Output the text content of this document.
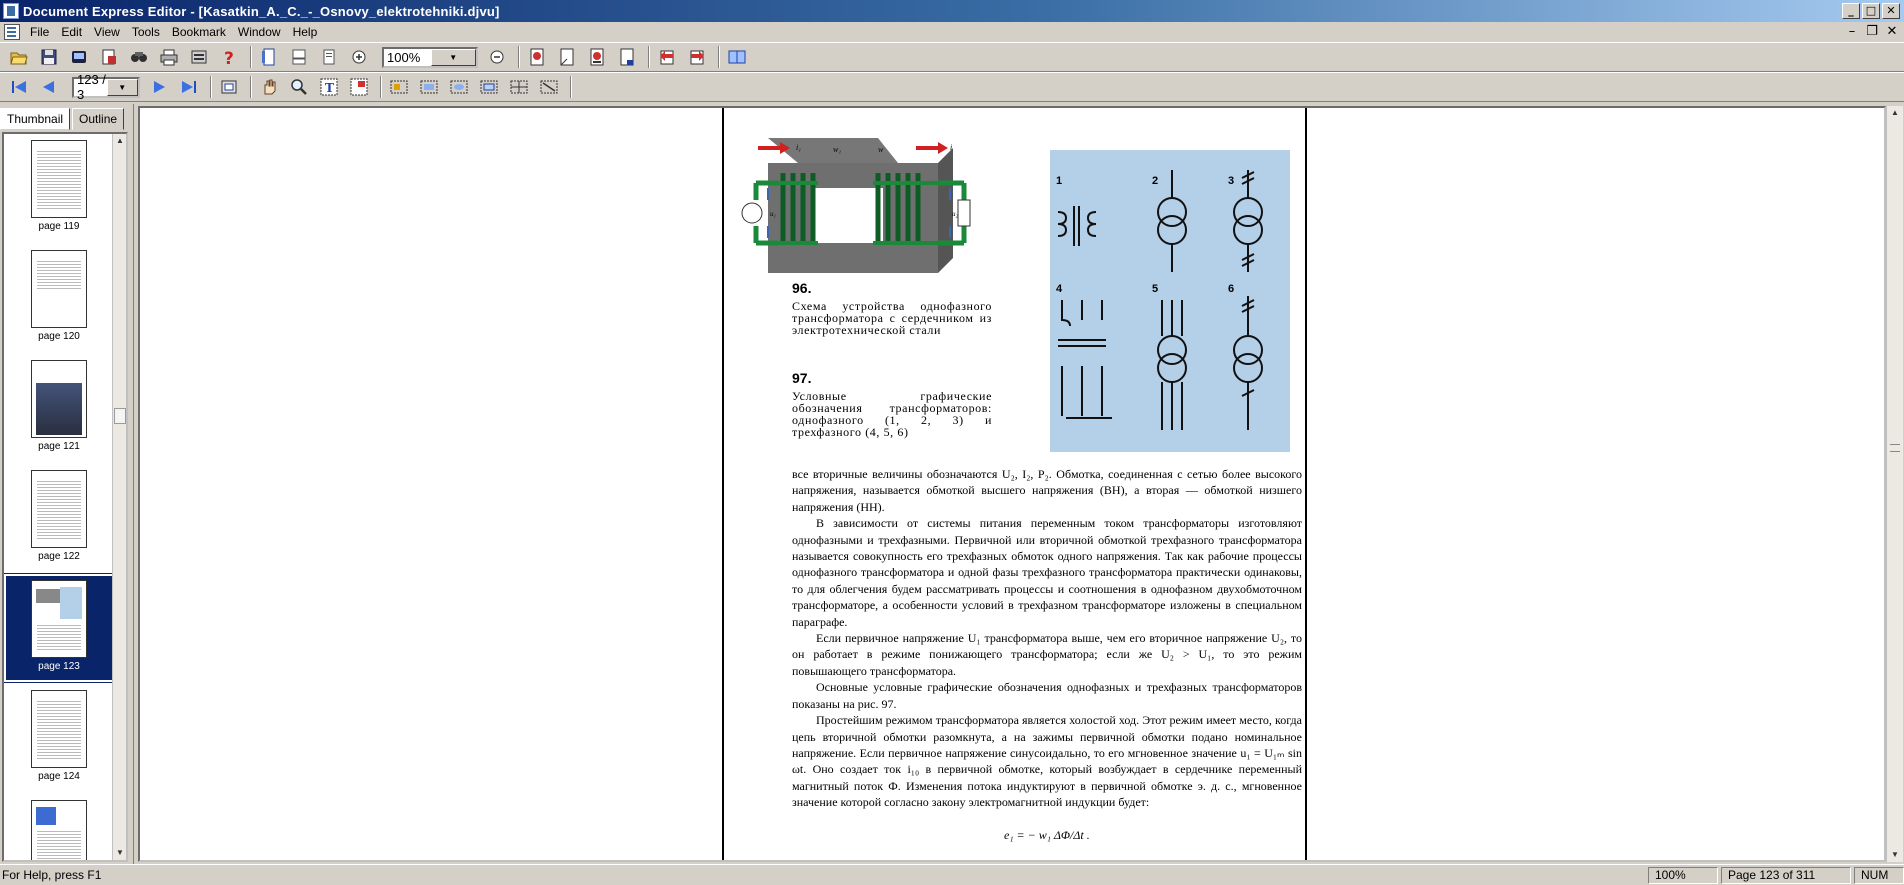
Document Express Editor - [Kasatkin_A._C._-_Osnovy_elektrotehniki.djvu]	_	□ ✕
File	Edit	View	Tools	Bookmark	Window	Help	– ❐ ✕
?	100%	▼
123 / 3	▼	T
Thumbnail	Outline
page 119
page 120
page 121
page 122
page 123
page 124
▲
▼
i₁	w₁	w	i
u₁	u₂
96.
Схема устройства однофазного трансформатора с сердечником из электротехнической стали
1	2	3
4	5	6
97.
Условные графические обозначения трансформаторов: однофазного (1, 2, 3) и трехфазного (4, 5, 6)

все вторичные величины обозначаются U₂, I₂, P₂. Обмотка, соединенная с сетью более высокого напряжения, называется обмоткой высшего напряжения (ВН), а вторая — обмоткой низшего напряжения (НН).

В зависимости от системы питания переменным током трансформаторы изготовляют однофазными и трехфазными. Первичной или вторичной обмоткой трехфазного трансформатора называется совокупность его трехфазных обмоток одного напряжения. Так как рабочие процессы однофазного трансформатора и одной фазы трехфазного трансформатора практически одинаковы, то для облегчения будем рассматривать процессы и соотношения в однофазном двухобмоточном трансформаторе, а особенности условий в трехфазном трансформаторе изложены в специальном параграфе.

Если первичное напряжение U₁ трансформатора выше, чем его вторичное напряжение U₂, то он работает в режиме понижающего трансформатора; если же U₂ > U₁, то это режим повышающего трансформатора.

Основные условные графические обозначения однофазных и трехфазных трансформаторов показаны на рис. 97.

Простейшим режимом трансформатора является холостой ход. Этот режим имеет место, когда цепь вторичной обмотки разомкнута, а на зажимы первичной обмотки подано номинальное напряжение. Если первичное напряжение синусоидально, то его мгновенное значение u₁ = U₁ₘ sin ωt. Оно создает ток i₁₀ в первичной обмотке, который возбуждает в сердечнике переменный магнитный поток Ф. Изменения потока индуктируют в первичной обмотке э. д. с., мгновенное значение которой согласно закону электромагнитной индукции будет:

e₁ = − w₁ ΔΦ/Δt .
▲
▼
For Help, press F1	100%	Page 123 of 311	NUM
